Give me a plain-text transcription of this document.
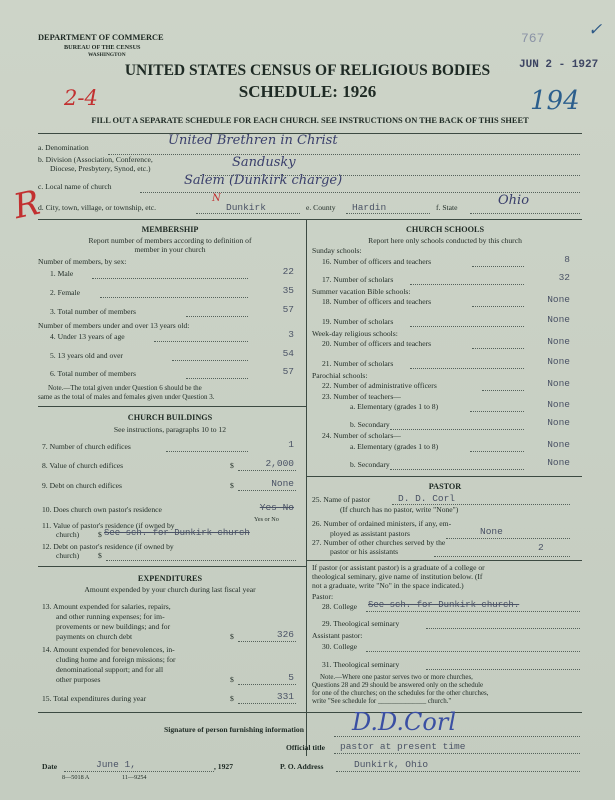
DEPARTMENT OF COMMERCE
BUREAU OF THE CENSUS
WASHINGTON
UNITED STATES CENSUS OF RELIGIOUS BODIES
SCHEDULE: 1926
FILL OUT A SEPARATE SCHEDULE FOR EACH CHURCH. SEE INSTRUCTIONS ON THE BACK OF THIS SHEET
767	✓
JUN 2 - 1927
2-4	194
a. Denomination	United Brethren in Christ
b. Division (Association, Conference,
Diocese, Presbytery, Synod, etc.)	Sandusky
c. Local name of church	Salem (Dunkirk charge)
d. City, town, village, or township, etc.
N
Dunkirk	e. County Hardin	f. State	Ohio
R
MEMBERSHIP
Report number of members according to definition of
member in your church
Number of members, by sex:
1. Male	22
2. Female	35
3. Total number of members	57
Number of members under and over 13 years old:
4. Under 13 years of age	3
5. 13 years old and over	54
6. Total number of members	57
Note.—The total given under Question 6 should be the
same as the total of males and females given under Question 3.
CHURCH BUILDINGS
See instructions, paragraphs 10 to 12
7. Number of church edifices	1
8. Value of church edifices	$	2,000
9. Debt on church edifices	$	None
10. Does church own pastor's residence	Yes No
Yes or No
11. Value of pastor's residence (if owned by
church) $ See sch. for Dunkirk church
12. Debt on pastor's residence (if owned by
church) $
EXPENDITURES
Amount expended by your church during last fiscal year
13. Amount expended for salaries, repairs,
and other running expenses; for im-
provements or new buildings; and for
payments on church debt	$	326
14. Amount expended for benevolences, in-
cluding home and foreign missions; for
denominational support; and for all
other purposes	$	5
15. Total expenditures during year	$	331
CHURCH SCHOOLS
Report here only schools conducted by this church
Sunday schools:
16. Number of officers and teachers	8
17. Number of scholars	32
Summer vacation Bible schools:
18. Number of officers and teachers	None
19. Number of scholars	None
Week-day religious schools:
20. Number of officers and teachers	None
21. Number of scholars	None
Parochial schools:
22. Number of administrative officers	None
23. Number of teachers—
a. Elementary (grades 1 to 8)	None
b. Secondary	None
24. Number of scholars—
a. Elementary (grades 1 to 8)	None
b. Secondary	None
PASTOR
25. Name of pastor	D. D. Corl
(If church has no pastor, write "None")
26. Number of ordained ministers, if any, em-
ployed as assistant pastors	None
27. Number of other churches served by the
pastor or his assistants	2
If pastor (or assistant pastor) is a graduate of a college or
theological seminary, give name of institution below. (If
not a graduate, write "No" in the space indicated.)
Pastor:
28. College See sch. for Dunkirk church.
29. Theological seminary
Assistant pastor:
30. College
31. Theological seminary
Note.—Where one pastor serves two or more churches,
Questions 28 and 29 should be answered only on the schedule
for one of the churches; on the schedules for the other churches,
write "See schedule for ______________ church."
Signature of person furnishing information D.D.Corl
Official title pastor at present time
Date	June 1,	, 1927	P. O. Address	Dunkirk, Ohio
8—5018 A	11—9254
